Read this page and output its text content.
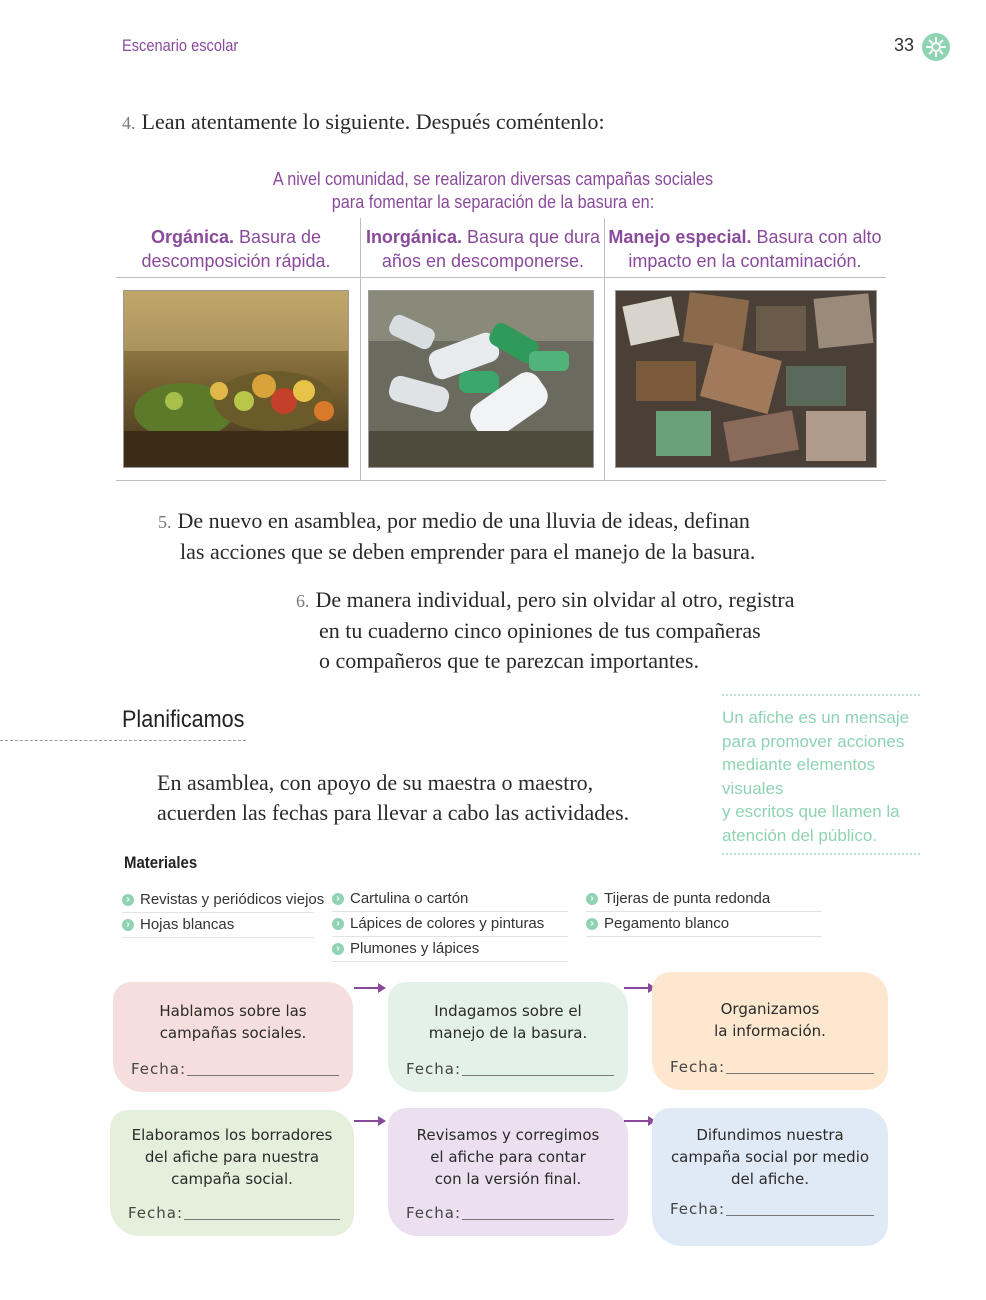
Escenario escolar	33
4. Lean atentamente lo siguiente. Después coméntenlo:
A nivel comunidad, se realizaron diversas campañas sociales
para fomentar la separación de la basura en:
Orgánica. Basura de
descomposición rápida.
Inorgánica. Basura que dura
años en descomponerse.
Manejo especial. Basura con alto
impacto en la contaminación.
5. De nuevo en asamblea, por medio de una lluvia de ideas, definan
las acciones que se deben emprender para el manejo de la basura.
6. De manera individual, pero sin olvidar al otro, registra
en tu cuaderno cinco opiniones de tus compañeras
o compañeros que te parezcan importantes.
Planificamos
En asamblea, con apoyo de su maestra o maestro,
acuerden las fechas para llevar a cabo las actividades.
Un afiche es un mensaje
para promover acciones
mediante elementos visuales
y escritos que llamen la
atención del público.
Materiales
› Revistas y periódicos viejos
› Hojas blancas
› Cartulina o cartón
› Lápices de colores y pinturas
› Plumones y lápices
› Tijeras de punta redonda
› Pegamento blanco
Hablamos sobre las
campañas sociales.
Fecha:
Indagamos sobre el
manejo de la basura.
Fecha:
Organizamos
la información.
Fecha:
Elaboramos los borradores
del afiche para nuestra
campaña social.
Fecha:
Revisamos y corregimos
el afiche para contar
con la versión final.
Fecha:
Difundimos nuestra
campaña social por medio
del afiche.
Fecha:
